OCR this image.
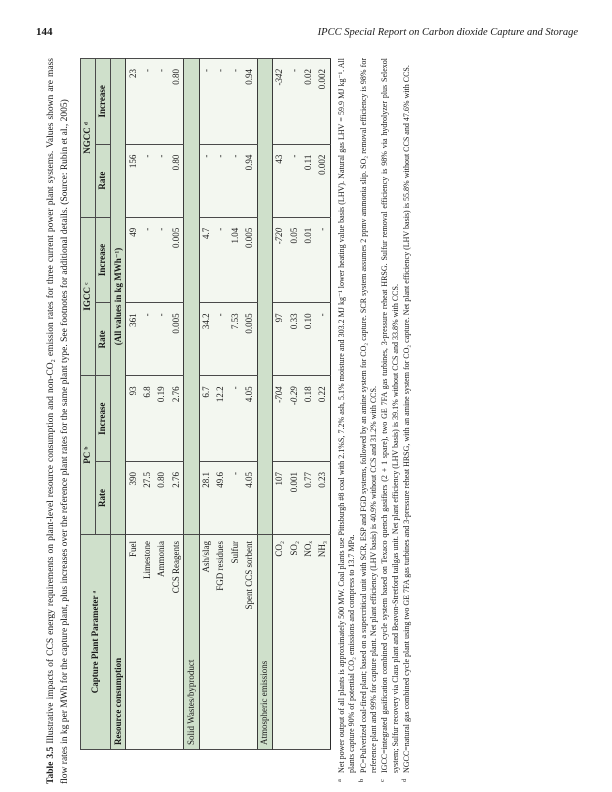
144	IPCC Special Report on Carbon dioxide Capture and Storage

Table 3.5 Illustrative impacts of CCS energy requirements on plant-level resource consumption and non-CO₂ emission rates for three current power plant systems. Values shown are mass flow rates in kg per MWh for the capture plant, plus increases over the reference plant rates for the same plant type. See footnotes for additional details. (Source: Rubin et al., 2005) Capture Plant Parameter ᵃ	PC ᵇ		IGCC ᶜ		NGCC ᵈ	
	Rate	Increase	Rate	Increase	Rate	Increase
Resource consumption	(All values in kg MWh⁻¹)					
Fuel	390	93	361	49	156	23
Limestone	27.5	6.8	-	-	-	-
Ammonia	0.80	0.19	-	-	-	-
CCS Reagents	2.76	2.76	0.005	0.005	0.80	0.80
Solid Wastes/byproduct						
Ash/slag	28.1	6.7	34.2	4.7	-	-
FGD residues	49.6	12.2	-	-	-	-
Sulfur	-	-	7.53	1.04	-	-
Spent CCS sorbent	4.05	4.05	0.005	0.005	0.94	0.94
Atmospheric emissions						
CO₂	107	-704	97	-720	43	-342
SO₂	0.001	-0.29	0.33	0.05	-	-
NOₓ	0.77	0.18	0.10	0.01	0.11	0.02
NH₃	0.23	0.22	-	-	0.002	0.002
a
Net power output of all plants is approximately 500 MW. Coal plants use Pittsburgh #8 coal with 2.1%S, 7.2% ash, 5.1% moisture and 303.2 MJ kg⁻¹ lower heating value basis (LHV). Natural gas LHV = 59.9 MJ kg⁻¹. All plants capture 90% of potential CO₂ emissions and compress to 13.7 MPa.
b
PC=Pulverized coal-fired plant; based on a supercritical unit with SCR, ESP and FGD systems, followed by an amine system for CO₂ capture. SCR system assumes 2 ppmv ammonia slip. SO₂ removal efficiency is 98% for reference plant and 99% for capture plant. Net plant efficiency (LHV basis) is 40.9% without CCS and 31.2% with CCS.
c
IGCC=integrated gasification combined cycle system based on Texaco quench gasifiers (2 + 1 spare), two GE 7FA gas turbines, 3-pressure reheat HRSG. Sulfur removal efficiency is 98% via hydrolyzer plus Selexol system; Sulfur recovery via Claus plant and Beavon-Stretford tailgas unit. Net plant efficiency (LHV basis) is 39.1% without CCS and 33.8% with CCS.
d
NGCC=natural gas combined cycle plant using two GE 7FA gas turbines and 3-pressure reheat HRSG, with an amine system for CO₂ capture. Net plant efficiency (LHV basis) is 55.8% without CCS and 47.6% with CCS.
